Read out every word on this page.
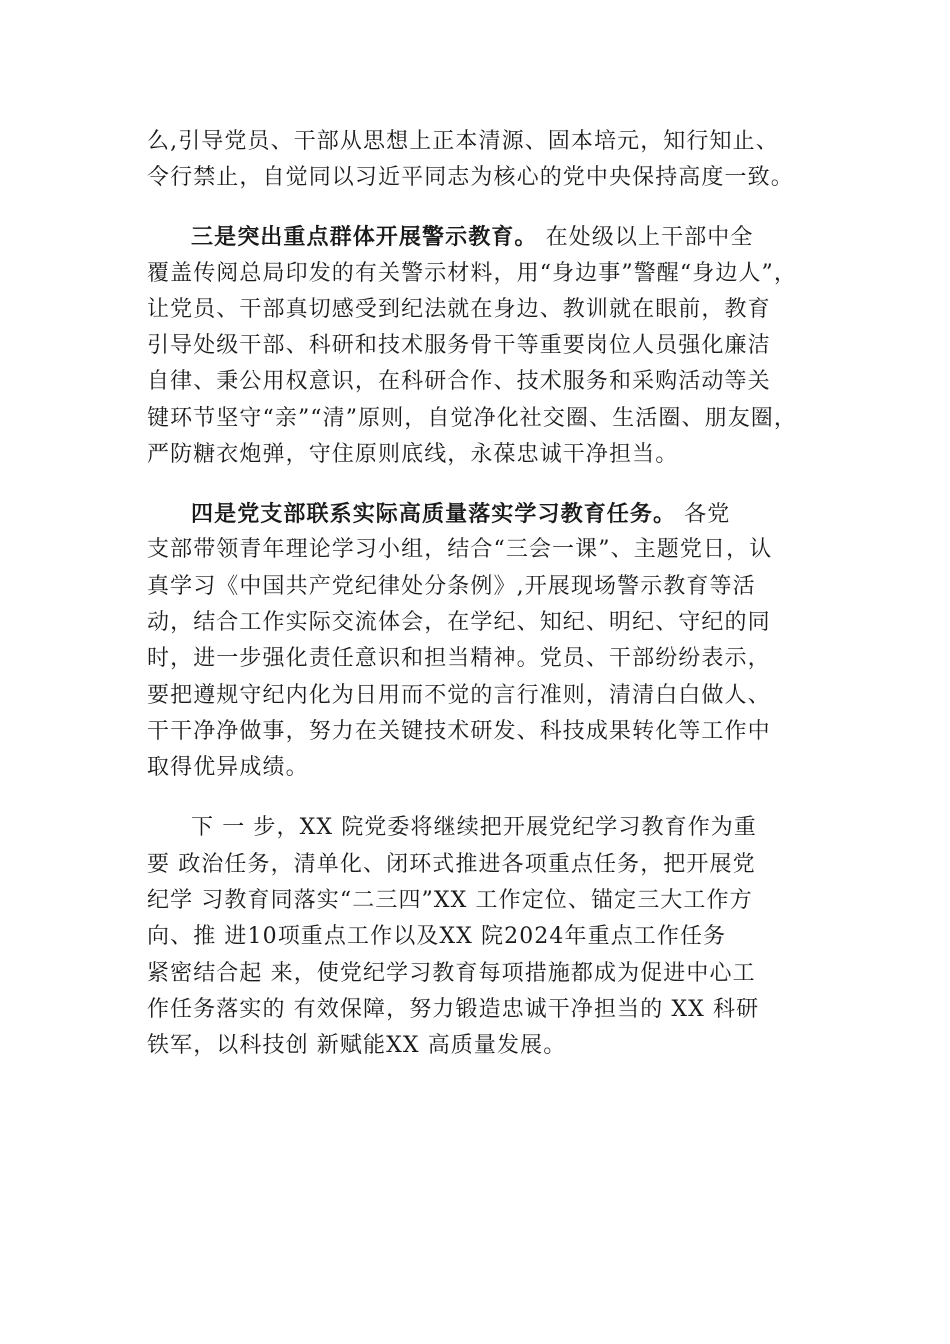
么,引导党员、干部从思想上正本清源、固本培元，知行知止、
令行禁止，自觉同以习近平同志为核心的党中央保持高度一致。
三是突出重点群体开展警示教育。 在处级以上干部中全
覆盖传阅总局印发的有关警示材料，用“身边事”警醒“身边人”，
让党员、干部真切感受到纪法就在身边、教训就在眼前，教育
引导处级干部、科研和技术服务骨干等重要岗位人员强化廉洁
自律、秉公用权意识，在科研合作、技术服务和采购活动等关
键环节坚守“亲”“清”原则，自觉净化社交圈、生活圈、朋友圈，
严防糖衣炮弹，守住原则底线，永葆忠诚干净担当。
四是党支部联系实际高质量落实学习教育任务。 各党
支部带领青年理论学习小组，结合“三会一课”、主题党日，认
真学习《中国共产党纪律处分条例》,开展现场警示教育等活
动，结合工作实际交流体会，在学纪、知纪、明纪、守纪的同
时，进一步强化责任意识和担当精神。党员、干部纷纷表示，
要把遵规守纪内化为日用而不觉的言行准则，清清白白做人、
干干净净做事，努力在关键技术研发、科技成果转化等工作中
取得优异成绩。
下 一 步，XX 院党委将继续把开展党纪学习教育作为重
要 政治任务，清单化、闭环式推进各项重点任务，把开展党
纪学 习教育同落实“二三四”XX 工作定位、锚定三大工作方
向、推 进10项重点工作以及XX 院2024年重点工作任务
紧密结合起 来，使党纪学习教育每项措施都成为促进中心工
作任务落实的 有效保障，努力锻造忠诚干净担当的 XX 科研
铁军，以科技创 新赋能XX 高质量发展。
